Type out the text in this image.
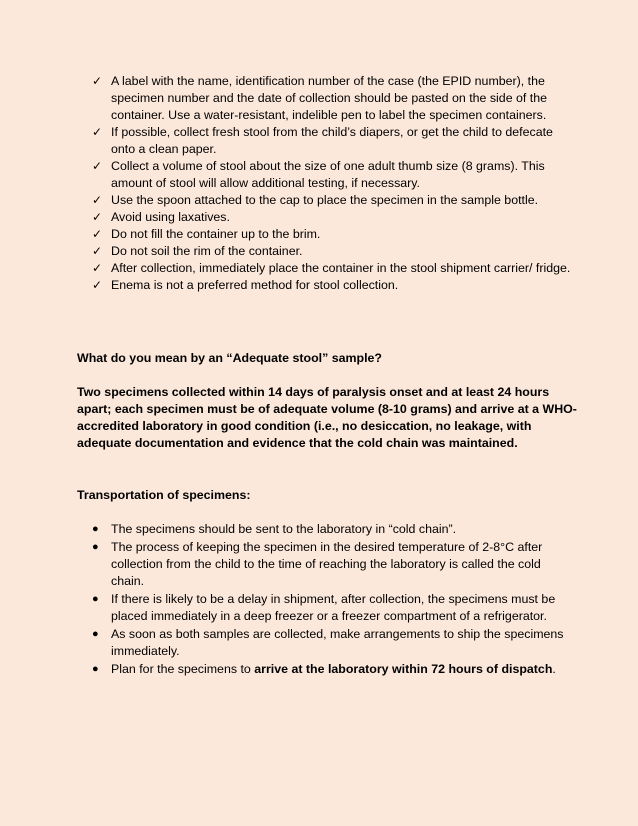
✓ A label with the name, identification number of the case (the EPID number), the specimen number and the date of collection should be pasted on the side of the container. Use a water-resistant, indelible pen to label the specimen containers.
✓ If possible, collect fresh stool from the child’s diapers, or get the child to defecate onto a clean paper.
✓ Collect a volume of stool about the size of one adult thumb size (8 grams). This amount of stool will allow additional testing, if necessary.
✓ Use the spoon attached to the cap to place the specimen in the sample bottle.
✓ Avoid using laxatives.
✓ Do not fill the container up to the brim.
✓ Do not soil the rim of the container.
✓ After collection, immediately place the container in the stool shipment carrier/ fridge.
✓ Enema is not a preferred method for stool collection.

What do you mean by an “Adequate stool” sample?

Two specimens collected within 14 days of paralysis onset and at least 24 hours apart; each specimen must be of adequate volume (8-10 grams) and arrive at a WHO-accredited laboratory in good condition (i.e., no desiccation, no leakage, with adequate documentation and evidence that the cold chain was maintained.

Transportation of specimens:

● The specimens should be sent to the laboratory in “cold chain”.
● The process of keeping the specimen in the desired temperature of 2-8°C after collection from the child to the time of reaching the laboratory is called the cold chain.
● If there is likely to be a delay in shipment, after collection, the specimens must be placed immediately in a deep freezer or a freezer compartment of a refrigerator.
● As soon as both samples are collected, make arrangements to ship the specimens immediately.
● Plan for the specimens to arrive at the laboratory within 72 hours of dispatch.
